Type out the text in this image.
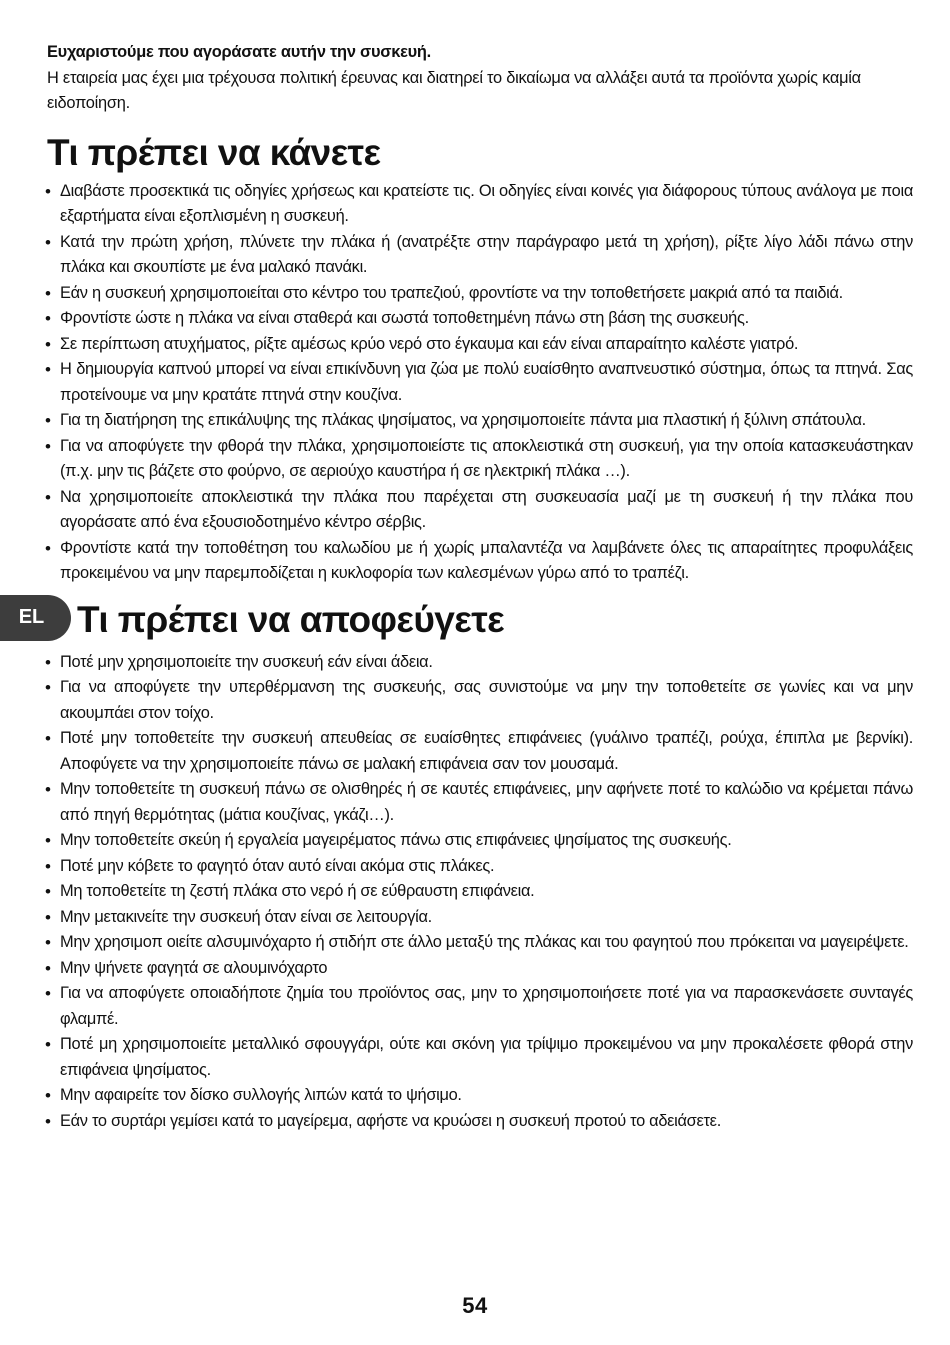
Ευχαριστούμε που αγοράσατε αυτήν την συσκευή.
Η εταιρεία μας έχει μια τρέχουσα πολιτική έρευνας και διατηρεί το δικαίωμα να αλλάξει αυτά τα προϊόντα χωρίς καμία ειδοποίηση.
Τι πρέπει να κάνετε
• Διαβάστε προσεκτικά τις οδηγίες χρήσεως και κρατείστε τις. Οι οδηγίες είναι κοινές για διάφορους τύπους ανάλογα με ποια εξαρτήματα είναι εξοπλισμένη η συσκευή.
• Κατά την πρώτη χρήση, πλύνετε την πλάκα ή (ανατρέξτε στην παράγραφο μετά τη χρήση), ρίξτε λίγο λάδι πάνω στην πλάκα και σκουπίστε με ένα μαλακό πανάκι.
• Εάν η συσκευή χρησιμοποιείται στο κέντρο του τραπεζιού, φροντίστε να την τοποθετήσετε μακριά από τα παιδιά.
• Φροντίστε ώστε η πλάκα να είναι σταθερά και σωστά τοποθετημένη πάνω στη βάση της συσκευής.
• Σε περίπτωση ατυχήματος, ρίξτε αμέσως κρύο νερό στο έγκαυμα και εάν είναι απαραίτητο καλέστε γιατρό.
• Η δημιουργία καπνού μπορεί να είναι επικίνδυνη για ζώα με πολύ ευαίσθητο αναπνευστικό σύστημα, όπως τα πτηνά. Σας προτείνουμε να μην κρατάτε πτηνά στην κουζίνα.
• Για τη διατήρηση της επικάλυψης της πλάκας ψησίματος, να χρησιμοποιείτε πάντα μια πλαστική ή ξύλινη σπάτουλα.
• Για να αποφύγετε την φθορά την πλάκα, χρησιμοποιείστε τις αποκλειστικά στη συσκευή, για την οποία κατασκευάστηκαν (π.χ. μην τις βάζετε στο φούρνο, σε αεριούχο καυστήρα ή σε ηλεκτρική πλάκα …).
• Να χρησιμοποιείτε αποκλειστικά την πλάκα που παρέχεται στη συσκευασία μαζί με τη συσκευή ή την πλάκα που αγοράσατε από ένα εξουσιοδοτημένο κέντρο σέρβις.
• Φροντίστε κατά την τοποθέτηση του καλωδίου με ή χωρίς μπαλαντέζα να λαμβάνετε όλες τις απαραίτητες προφυλάξεις προκειμένου να μην παρεμποδίζεται η κυκλοφορία των καλεσμένων γύρω από το τραπέζι.
EL Τι πρέπει να αποφεύγετε
• Ποτέ μην χρησιμοποιείτε την συσκευή εάν είναι άδεια.
• Για να αποφύγετε την υπερθέρμανση της συσκευής, σας συνιστούμε να μην την τοποθετείτε σε γωνίες και να μην ακουμπάει στον τοίχο.
• Ποτέ μην τοποθετείτε την συσκευή απευθείας σε ευαίσθητες επιφάνειες (γυάλινο τραπέζι, ρούχα, έπιπλα με βερνίκι). Αποφύγετε να την χρησιμοποιείτε πάνω σε μαλακή επιφάνεια σαν τον μουσαμά.
• Μην τοποθετείτε τη συσκευή πάνω σε ολισθηρές ή σε καυτές επιφάνειες, μην αφήνετε ποτέ το καλώδιο να κρέμεται πάνω από πηγή θερμότητας (μάτια κουζίνας, γκάζι…).
• Μην τοποθετείτε σκεύη ή εργαλεία μαγειρέματος πάνω στις επιφάνειες ψησίματος της συσκευής.
• Ποτέ μην κόβετε το φαγητό όταν αυτό είναι ακόμα στις πλάκες.
• Μη τοποθετείτε τη ζεστή πλάκα στο νερό ή σε εύθραυστη επιφάνεια.
• Μην μετακινείτε την συσκευή όταν είναι σε λειτουργία.
• Μην χρησιμοπ οιείτε αλσυμινόχαρτο ή στιδήπ στε άλλο μεταξύ της πλάκας και του φαγητού που πρόκειται να μαγειρέψετε.
• Μην ψήνετε φαγητά σε αλουμινόχαρτο
• Για να αποφύγετε οποιαδήποτε ζημία του προϊόντος σας, μην το χρησιμοποιήσετε ποτέ για να παρασκενάσετε συνταγές φλαμπέ.
• Ποτέ μη χρησιμοποιείτε μεταλλικό σφουγγάρι, ούτε και σκόνη για τρίψιμο προκειμένου να μην προκαλέσετε φθορά στην επιφάνεια ψησίματος.
• Μην αφαιρείτε τον δίσκο συλλογής λιπών κατά το ψήσιμο.
• Εάν το συρτάρι γεμίσει κατά το μαγείρεμα, αφήστε να κρυώσει η συσκευή προτού το αδειάσετε.
54
